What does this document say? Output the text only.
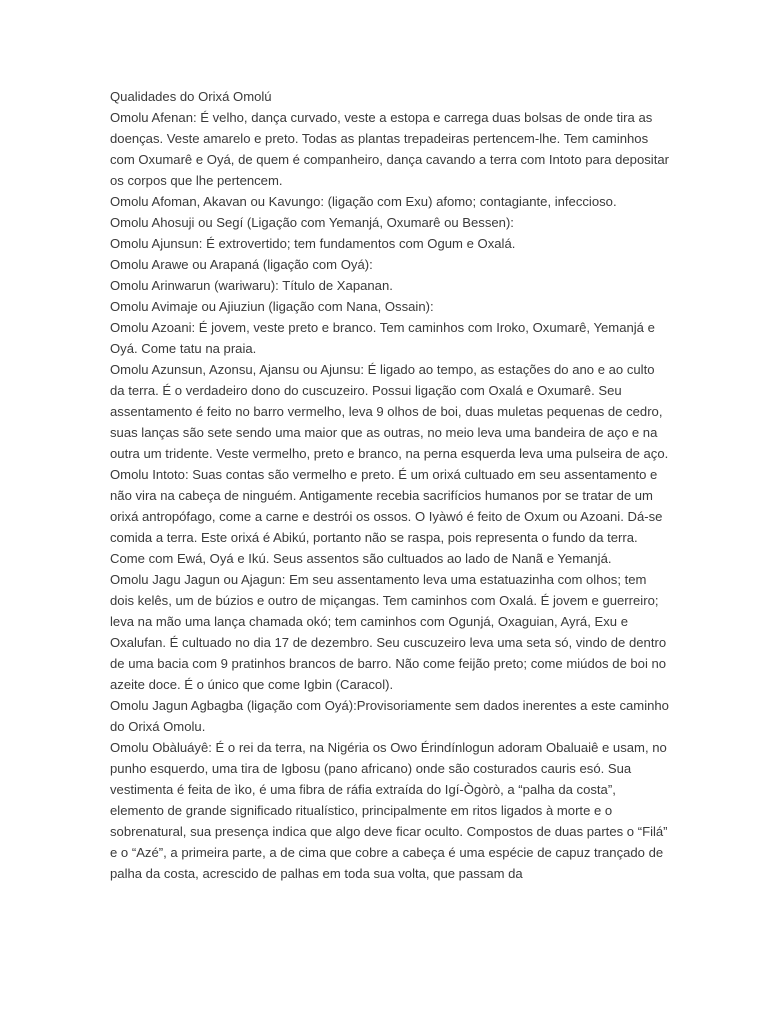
Qualidades do Orixá Omolú

Omolu Afenan: É velho, dança curvado, veste a estopa e carrega duas bolsas de onde tira as doenças. Veste amarelo e preto. Todas as plantas trepadeiras pertencem-lhe. Tem caminhos com Oxumarê e Oyá, de quem é companheiro, dança cavando a terra com Intoto para depositar os corpos que lhe pertencem.

Omolu Afoman, Akavan ou Kavungo: (ligação com Exu) afomo; contagiante, infeccioso.

Omolu Ahosuji ou Segí (Ligação com Yemanjá, Oxumarê ou Bessen):

Omolu Ajunsun: É extrovertido; tem fundamentos com Ogum e Oxalá.

Omolu Arawe ou Arapaná (ligação com Oyá):

Omolu Arinwarun (wariwaru): Título de Xapanan.

Omolu Avimaje ou Ajiuziun (ligação com Nana, Ossain):

Omolu Azoani: É jovem, veste preto e branco. Tem caminhos com Iroko, Oxumarê, Yemanjá e Oyá. Come tatu na praia.

Omolu Azunsun, Azonsu, Ajansu ou Ajunsu: É ligado ao tempo, as estações do ano e ao culto da terra. É o verdadeiro dono do cuscuzeiro. Possui ligação com Oxalá e Oxumarê. Seu assentamento é feito no barro vermelho, leva 9 olhos de boi, duas muletas pequenas de cedro, suas lanças são sete sendo uma maior que as outras, no meio leva uma bandeira de aço e na outra um tridente. Veste vermelho, preto e branco, na perna esquerda leva uma pulseira de aço.

Omolu Intoto: Suas contas são vermelho e preto. É um orixá cultuado em seu assentamento e não vira na cabeça de ninguém. Antigamente recebia sacrifícios humanos por se tratar de um orixá antropófago, come a carne e destrói os ossos. O Iyàwó é feito de Oxum ou Azoani. Dá-se comida a terra. Este orixá é Abikú, portanto não se raspa, pois representa o fundo da terra. Come com Ewá, Oyá e Ikú. Seus assentos são cultuados ao lado de Nanã e Yemanjá.

Omolu Jagu Jagun ou Ajagun: Em seu assentamento leva uma estatuazinha com olhos; tem dois kelês, um de búzios e outro de miçangas. Tem caminhos com Oxalá. É jovem e guerreiro; leva na mão uma lança chamada okó; tem caminhos com Ogunjá, Oxaguian, Ayrá, Exu e Oxalufan. É cultuado no dia 17 de dezembro. Seu cuscuzeiro leva uma seta só, vindo de dentro de uma bacia com 9 pratinhos brancos de barro. Não come feijão preto; come miúdos de boi no azeite doce. É o único que come Igbin (Caracol).

Omolu Jagun Agbagba (ligação com Oyá):Provisoriamente sem dados inerentes a este caminho do Orixá Omolu.

Omolu Obàluáyê: É o rei da terra, na Nigéria os Owo Érindínlogun adoram Obaluaiê e usam, no punho esquerdo, uma tira de Igbosu (pano africano) onde são costurados cauris esó. Sua vestimenta é feita de ìko, é uma fibra de ráfia extraída do Igí-Ògòrò, a “palha da costa”, elemento de grande significado ritualístico, principalmente em ritos ligados à morte e o sobrenatural, sua presença indica que algo deve ficar oculto. Compostos de duas partes o “Filá” e o “Azé”, a primeira parte, a de cima que cobre a cabeça é uma espécie de capuz trançado de palha da costa, acrescido de palhas em toda sua volta, que passam da
